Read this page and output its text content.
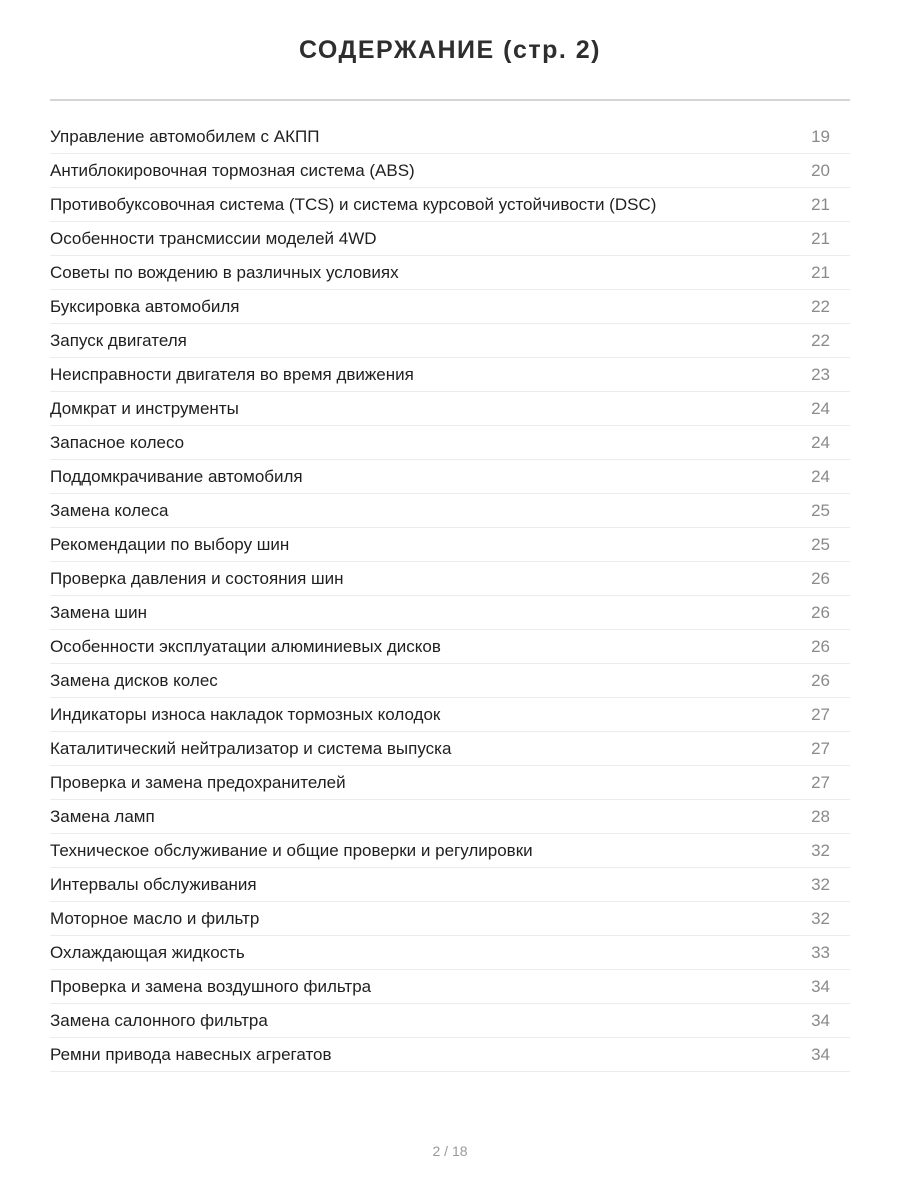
СОДЕРЖАНИЕ (стр. 2)
Управление автомобилем с АКПП	19
Антиблокировочная тормозная система (ABS)	20
Противобуксовочная система (TCS) и система курсовой устойчивости (DSC)	21
Особенности трансмиссии моделей 4WD	21
Советы по вождению в различных условиях	21
Буксировка автомобиля	22
Запуск двигателя	22
Неисправности двигателя во время движения	23
Домкрат и инструменты	24
Запасное колесо	24
Поддомкрачивание автомобиля	24
Замена колеса	25
Рекомендации по выбору шин	25
Проверка давления и состояния шин	26
Замена шин	26
Особенности эксплуатации алюминиевых дисков	26
Замена дисков колес	26
Индикаторы износа накладок тормозных колодок	27
Каталитический нейтрализатор и система выпуска	27
Проверка и замена предохранителей	27
Замена ламп	28
Техническое обслуживание и общие проверки и регулировки	32
Интервалы обслуживания	32
Моторное масло и фильтр	32
Охлаждающая жидкость	33
Проверка и замена воздушного фильтра	34
Замена салонного фильтра	34
Ремни привода навесных агрегатов	34
2 / 18
